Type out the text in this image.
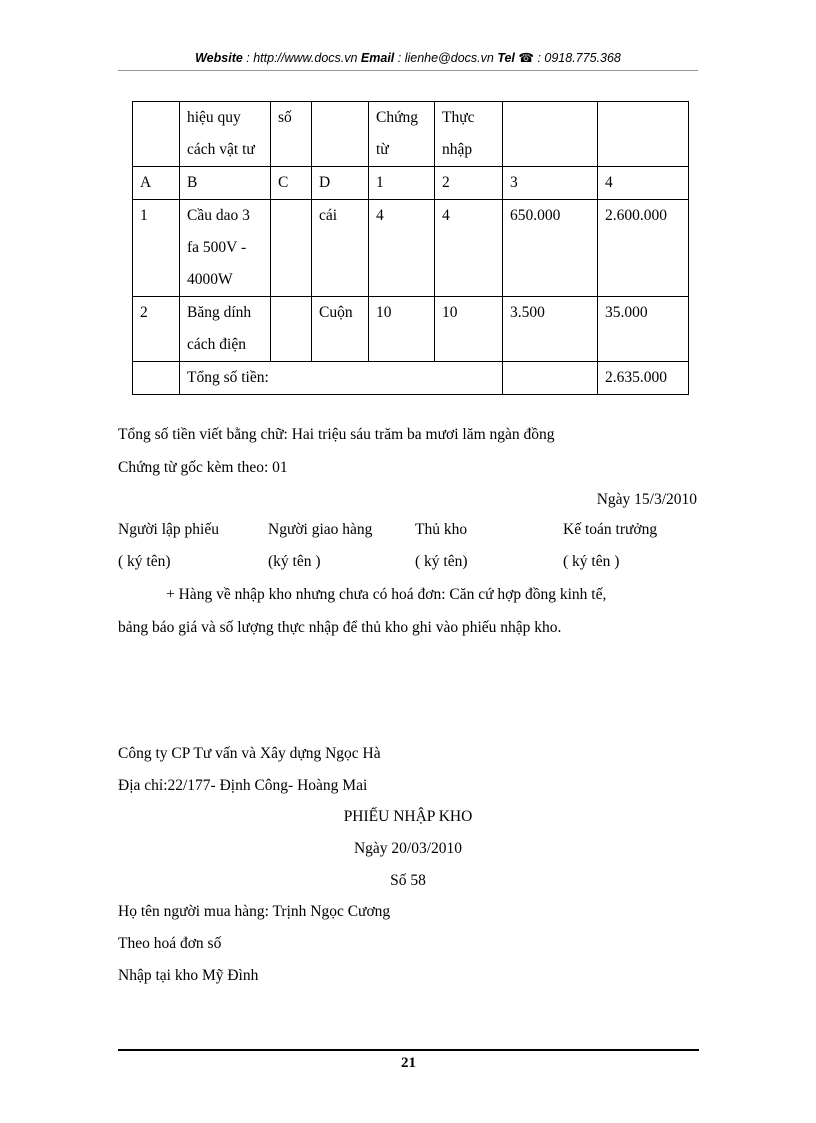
Website : http://www.docs.vn Email : lienhe@docs.vn Tel ☎ : 0918.775.368
	hiệu quy cách vật tư	số		Chứng từ	Thực nhập		
A	B	C	D	1	2	3	4
1	Cầu dao 3 fa 500V - 4000W		cái	4	4	650.000	2.600.000
2	Băng dính cách điện		Cuộn	10	10	3.500	35.000
	Tổng số tiền:						2.635.000
Tổng số tiền viết bằng chữ: Hai triệu sáu trăm ba mươi lăm ngàn đồng
Chứng từ gốc kèm theo: 01
Ngày 15/3/2010
Người lập phiếu	Người giao hàng	Thủ kho	Kế toán trưởng
( ký tên)	(ký tên )	( ký tên)	( ký tên )
+ Hàng về nhập kho nhưng chưa có hoá đơn: Căn cứ hợp đồng kinh tế,
bảng báo giá và số lượng thực nhập để thủ kho ghi vào phiếu nhập kho.
Công ty CP Tư vấn và Xây dựng Ngọc Hà
Địa chỉ:22/177- Định Công- Hoàng Mai
PHIẾU NHẬP KHO
Ngày 20/03/2010
Số 58
Họ tên người mua hàng: Trịnh Ngọc Cương
Theo hoá đơn số
Nhập tại kho Mỹ Đình
21
